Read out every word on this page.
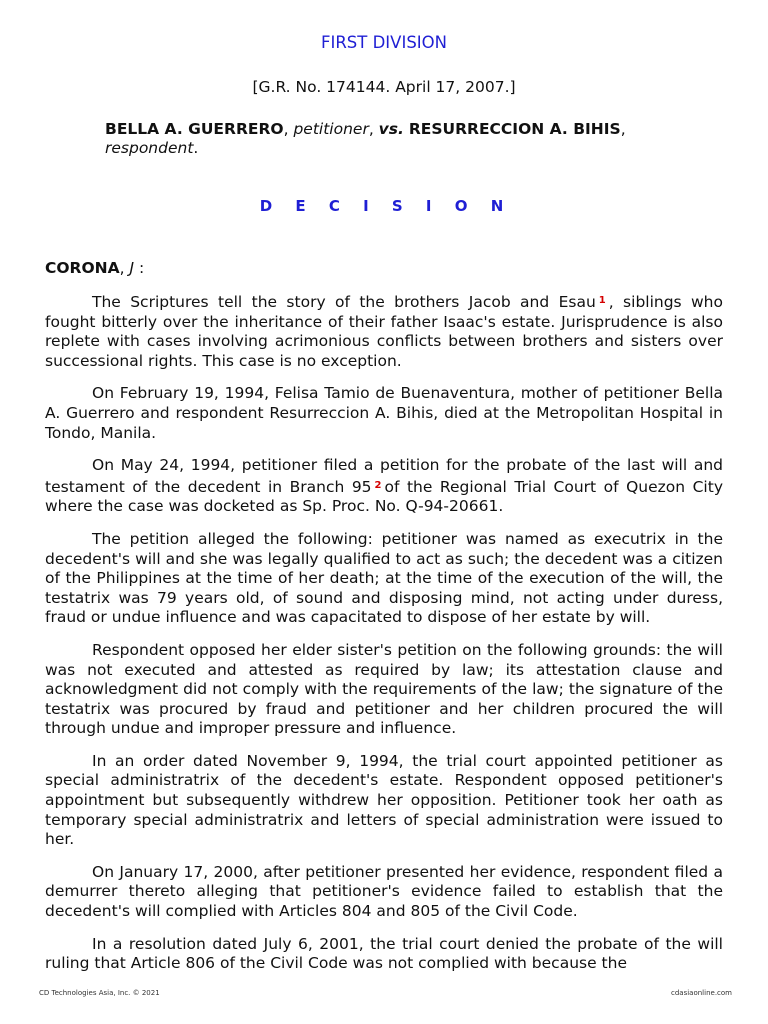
FIRST DIVISION
[G.R. No. 174144. April 17, 2007.]
BELLA A. GUERRERO, petitioner, vs. RESURRECCION A. BIHIS,
respondent.
D E C I S I O N
CORONA, J :

The Scriptures tell the story of the brothers Jacob and Esau $^1$ , siblings who fought bitterly over the inheritance of their father Isaac's estate. Jurisprudence is also replete with cases involving acrimonious conflicts between brothers and sisters over successional rights. This case is no exception.

On February 19, 1994, Felisa Tamio de Buenaventura, mother of petitioner Bella A. Guerrero and respondent Resurreccion A. Bihis, died at the Metropolitan Hospital in Tondo, Manila.

On May 24, 1994, petitioner filed a petition for the probate of the last will and testament of the decedent in Branch 95 $^2$ of the Regional Trial Court of Quezon City where the case was docketed as Sp. Proc. No. Q-94-20661.

The petition alleged the following: petitioner was named as executrix in the decedent's will and she was legally qualified to act as such; the decedent was a citizen of the Philippines at the time of her death; at the time of the execution of the will, the testatrix was 79 years old, of sound and disposing mind, not acting under duress, fraud or undue influence and was capacitated to dispose of her estate by will.

Respondent opposed her elder sister's petition on the following grounds: the will was not executed and attested as required by law; its attestation clause and acknowledgment did not comply with the requirements of the law; the signature of the testatrix was procured by fraud and petitioner and her children procured the will through undue and improper pressure and influence.

In an order dated November 9, 1994, the trial court appointed petitioner as special administratrix of the decedent's estate. Respondent opposed petitioner's appointment but subsequently withdrew her opposition. Petitioner took her oath as temporary special administratrix and letters of special administration were issued to her.

On January 17, 2000, after petitioner presented her evidence, respondent filed a demurrer thereto alleging that petitioner's evidence failed to establish that the decedent's will complied with Articles 804 and 805 of the Civil Code.

In a resolution dated July 6, 2001, the trial court denied the probate of the will ruling that Article 806 of the Civil Code was not complied with because the

CD Technologies Asia, Inc. © 2021	cdasiaonline.com
